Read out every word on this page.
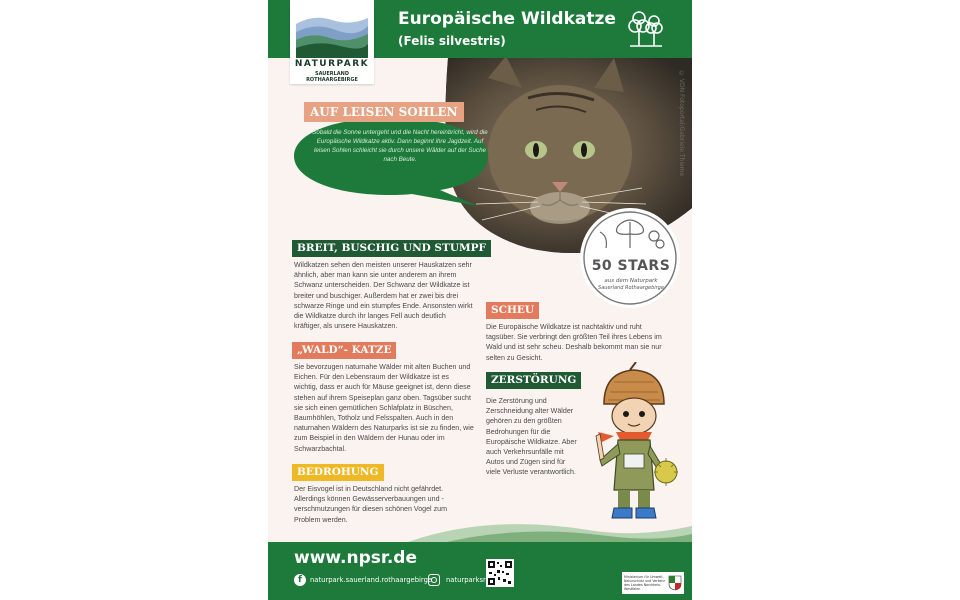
Europäische Wildkatze
(Felis silvestris)
NATURPARK
SAUERLAND ROTHAARGEBIRGE	© VDN Fotoportal/Gabriele Thieme
AUF LEISEN SOHLEN
Sobald die Sonne untergeht und die Nacht hereinbricht, wird die Europäische Wildkatze aktiv. Dann beginnt ihre Jagdzeit. Auf leisen Sohlen schleicht sie durch unsere Wälder auf der Suche nach Beute.
50 STARS
aus dem Naturpark
Sauerland Rothaargebirge
BREIT, BUSCHIG UND STUMPF
Wildkatzen sehen den meisten unserer Hauskatzen sehr ähnlich, aber man kann sie unter anderem an ihrem Schwanz unterscheiden. Der Schwanz der Wildkatze ist breiter und buschiger. Außerdem hat er zwei bis drei schwarze Ringe und ein stumpfes Ende. Ansonsten wirkt die Wildkatze durch ihr langes Fell auch deutlich kräftiger, als unsere Hauskatzen.
„WALD“- KATZE
Sie bevorzugen naturnahe Wälder mit alten Buchen und Eichen. Für den Lebensraum der Wildkatze ist es wichtig, dass er auch für Mäuse geeignet ist, denn diese stehen auf ihrem Speiseplan ganz oben. Tagsüber sucht sie sich einen gemütlichen Schlafplatz in Büschen, Baumhöhlen, Totholz und Felsspalten. Auch in den naturnahen Wäldern des Naturparks ist sie zu finden, wie zum Beispiel in den Wäldern der Hunau oder im Schwarzbachtal.
BEDROHUNG
Der Eisvogel ist in Deutschland nicht gefährdet. Allerdings können Gewässerverbauungen und -verschmutzungen für diesen schönen Vogel zum Problem werden.
SCHEU
Die Europäische Wildkatze ist nachtaktiv und ruht tagsüber. Sie verbringt den größten Teil ihres Lebens im Wald und ist sehr scheu. Deshalb bekommt man sie nur selten zu Gesicht.
ZERSTÖRUNG
Die Zerstörung und Zerschneidung alter Wälder gehören zu den größten Bedrohungen für die Europäische Wildkatze. Aber auch Verkehrsunfälle mit Autos und Zügen sind für viele Verluste verantwortlich.
www.npsr.de
f	naturpark.sauerland.rothaargebirge naturparksr	Ministerium für Umwelt, Naturschutz und Verkehr des Landes Nordrhein-Westfalen
